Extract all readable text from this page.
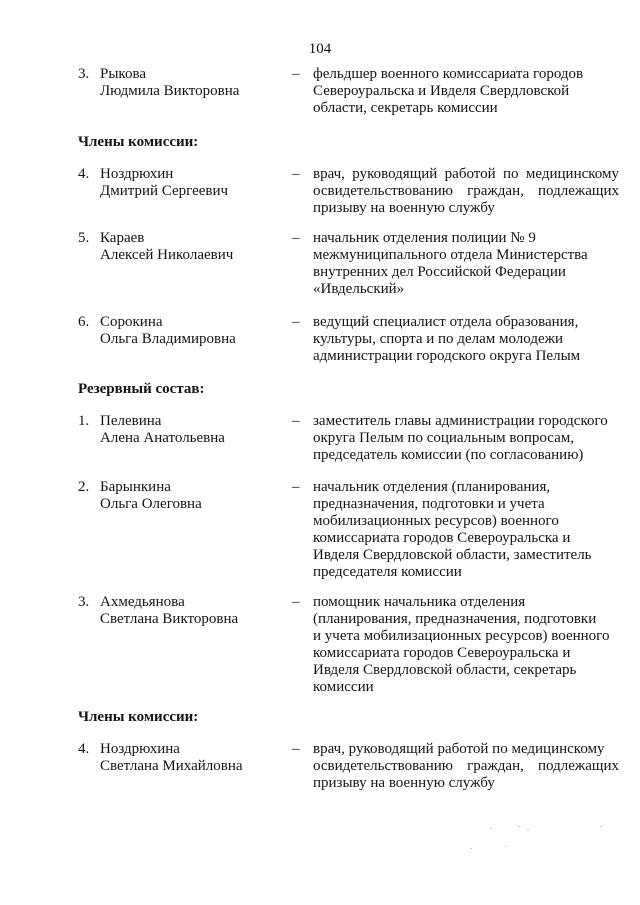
104
3. Рыкова
Людмила Викторовна
– фельдшер военного комиссариата городов
Североуральска и Ивделя Свердловской
области, секретарь комиссии
Члены комиссии:
4. Ноздрюхин
Дмитрий Сергеевич
– врач, руководящий работой по медицинскому
освидетельствованию граждан, подлежащих
призыву на военную службу
5. Караев
Алексей Николаевич
– начальник отделения полиции № 9
межмуниципального отдела Министерства
внутренних дел Российской Федерации
«Ивдельский»
6. Сорокина
Ольга Владимировна
– ведущий специалист отдела образования,
культуры, спорта и по делам молодежи
администрации городского округа Пелым
Резервный состав:
1. Пелевина
Алена Анатольевна
– заместитель главы администрации городского
округа Пелым по социальным вопросам,
председатель комиссии (по согласованию)
2. Барынкина
Ольга Олеговна
– начальник отделения (планирования,
предназначения, подготовки и учета
мобилизационных ресурсов) военного
комиссариата городов Североуральска и
Ивделя Свердловской области, заместитель
председателя комиссии
3. Ахмедьянова
Светлана Викторовна
– помощник начальника отделения
(планирования, предназначения, подготовки
и учета мобилизационных ресурсов) военного
комиссариата городов Североуральска и
Ивделя Свердловской области, секретарь
комиссии
Члены комиссии:
4. Ноздрюхина
Светлана Михайловна
– врач, руководящий работой по медицинскому
освидетельствованию граждан, подлежащих
призыву на военную службу
